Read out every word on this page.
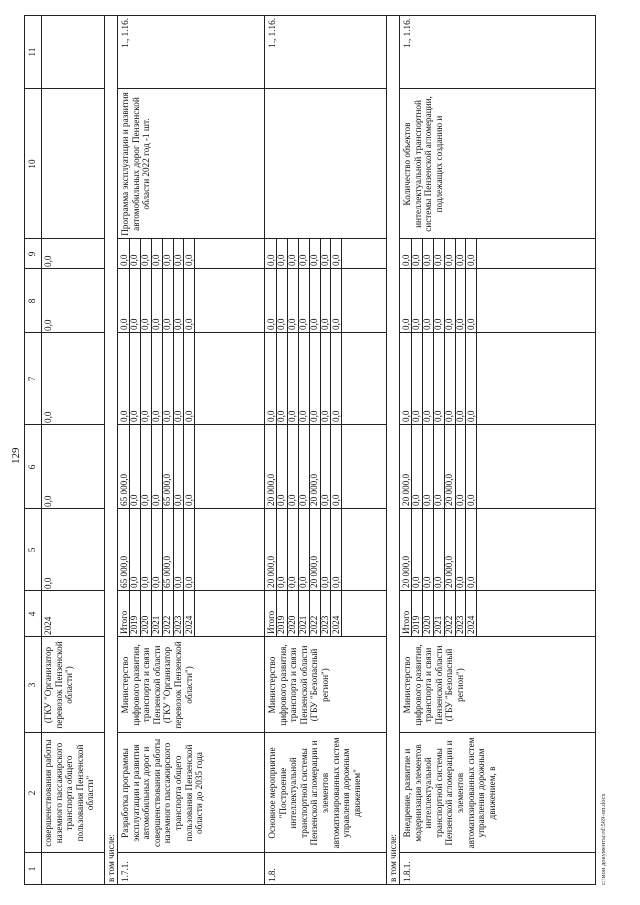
129
1
2
3
4
5
6
7
8
9
10
11
совершенствования работы наземного пассажирского транспорта общего пользования Пензенской области"
(ГКУ "Организатор перевозок Пензенской области")
2024
0,0
0,0
0,0
0,0
0,0
в том числе:	в том числе:
1.7.1.
Разработка программы эксплуатации и развития автомобильных дорог и совершенствовании работы наземного пассажирского транспорта общего пользования Пензенской области до 2035 года
Министерство цифрового развития, транспорта и связи Пензенской области (ГКУ "Организатор перевозок Пензенской области")
Итого 2019 2020 2021 2022 2023 2024
65 000,0 0,0 0,0 0,0 65 000,0 0,0 0,0
65 000,0 0,0 0,0 0,0 65 000,0 0,0 0,0
0,0 0,0 0,0 0,0 0,0 0,0 0,0
0,0 0,0 0,0 0,0 0,0 0,0 0,0
0,0 0,0 0,0 0,0 0,0 0,0 0,0
Программа эксплуатации и развития автомобильных дорог Пензенской области 2022 год -1 шт.
1., 1.16.
1.8.
Основное мероприятие "Построение интеллектуальной транспортной системы Пензенской агломерации и элементов автоматизированных систем управления дорожным движением"
Министерство цифрового развития, транспорта и связи Пензенской области (ГБУ "Безопасный регион")
Итого 2019 2020 2021 2022 2023 2024
20 000,0 0,0 0,0 0,0 20 000,0 0,0 0,0
20 000,0 0,0 0,0 0,0 20 000,0 0,0 0,0
0,0 0,0 0,0 0,0 0,0 0,0 0,0
0,0 0,0 0,0 0,0 0,0 0,0 0,0
0,0 0,0 0,0 0,0 0,0 0,0 0,0
1., 1.16.
1.8.1.
Внедрение, развитие и модернизация элементов интеллектуальной транспортной системы Пензенской агломерации и элементов автоматизированных систем управления дорожным движением, в
Министерство цифрового развития, транспорта и связи Пензенской области (ГБУ "Безопасный регион")
Итого 2019 2020 2021 2022 2023 2024
20 000,0 0,0 0,0 0,0 20 000,0 0,0 0,0
20 000,0 0,0 0,0 0,0 20 000,0 0,0 0,0
0,0 0,0 0,0 0,0 0,0 0,0 0,0
0,0 0,0 0,0 0,0 0,0 0,0 0,0
0,0 0,0 0,0 0,0 0,0 0,0 0,0
Количество объектов интеллектуальной транспортной системы Пензенской агломерации, подлежащих созданию и
1., 1.16.
c:\мои документы\rd\569-пп.docx
